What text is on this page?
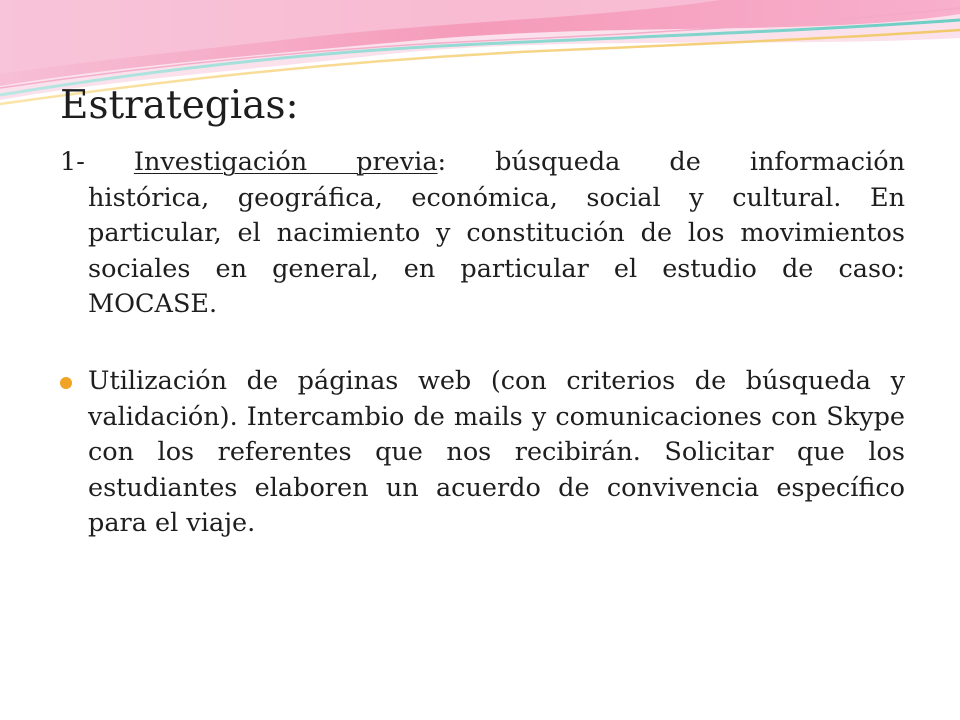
Estrategias:
1- Investigación previa: búsqueda de información
histórica, geográfica, económica, social y cultural. En particular, el nacimiento y constitución de los movimientos sociales en general, en particular el estudio de caso: MOCASE.
Utilización de páginas web (con criterios de búsqueda y validación). Intercambio de mails y comunicaciones con Skype con los referentes que nos recibirán. Solicitar que los estudiantes elaboren un acuerdo de convivencia específico para el viaje.
